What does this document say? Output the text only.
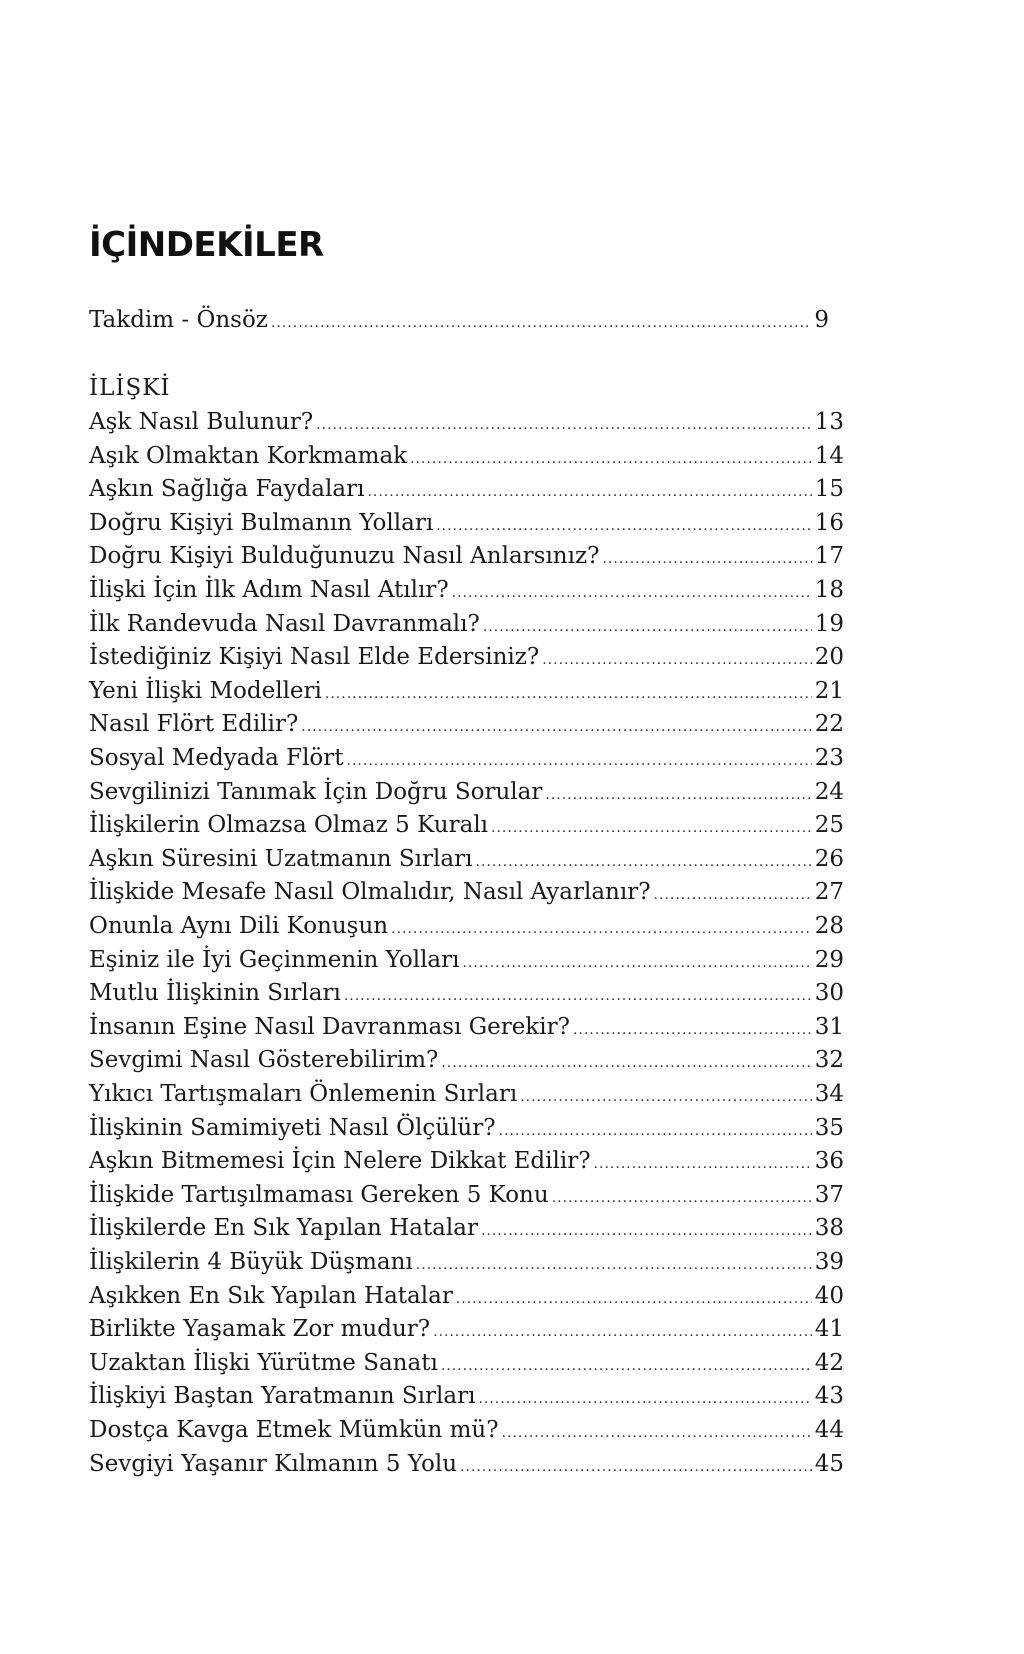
İÇİNDEKİLER
Takdim - Önsöz .....	9
İLİŞKİ
Aşk Nasıl Bulunur? .....	13
Aşık Olmaktan Korkmamak .....	14
Aşkın Sağlığa Faydaları .....	15
Doğru Kişiyi Bulmanın Yolları .....	16
Doğru Kişiyi Bulduğunuzu Nasıl Anlarsınız? .....	17
İlişki İçin İlk Adım Nasıl Atılır? .....	18
İlk Randevuda Nasıl Davranmalı? .....	19
İstediğiniz Kişiyi Nasıl Elde Edersiniz? .....	20
Yeni İlişki Modelleri .....	21
Nasıl Flört Edilir? .....	22
Sosyal Medyada Flört .....	23
Sevgilinizi Tanımak İçin Doğru Sorular .....	24
İlişkilerin Olmazsa Olmaz 5 Kuralı .....	25
Aşkın Süresini Uzatmanın Sırları .....	26
İlişkide Mesafe Nasıl Olmalıdır, Nasıl Ayarlanır? .....	27
Onunla Aynı Dili Konuşun .....	28
Eşiniz ile İyi Geçinmenin Yolları .....	29
Mutlu İlişkinin Sırları .....	30
İnsanın Eşine Nasıl Davranması Gerekir? .....	31
Sevgimi Nasıl Gösterebilirim? .....	32
Yıkıcı Tartışmaları Önlemenin Sırları .....	34
İlişkinin Samimiyeti Nasıl Ölçülür? .....	35
Aşkın Bitmemesi İçin Nelere Dikkat Edilir? .....	36
İlişkide Tartışılmaması Gereken 5 Konu .....	37
İlişkilerde En Sık Yapılan Hatalar .....	38
İlişkilerin 4 Büyük Düşmanı .....	39
Aşıkken En Sık Yapılan Hatalar .....	40
Birlikte Yaşamak Zor mudur? .....	41
Uzaktan İlişki Yürütme Sanatı .....	42
İlişkiyi Baştan Yaratmanın Sırları .....	43
Dostça Kavga Etmek Mümkün mü? .....	44
Sevgiyi Yaşanır Kılmanın 5 Yolu .....	45
